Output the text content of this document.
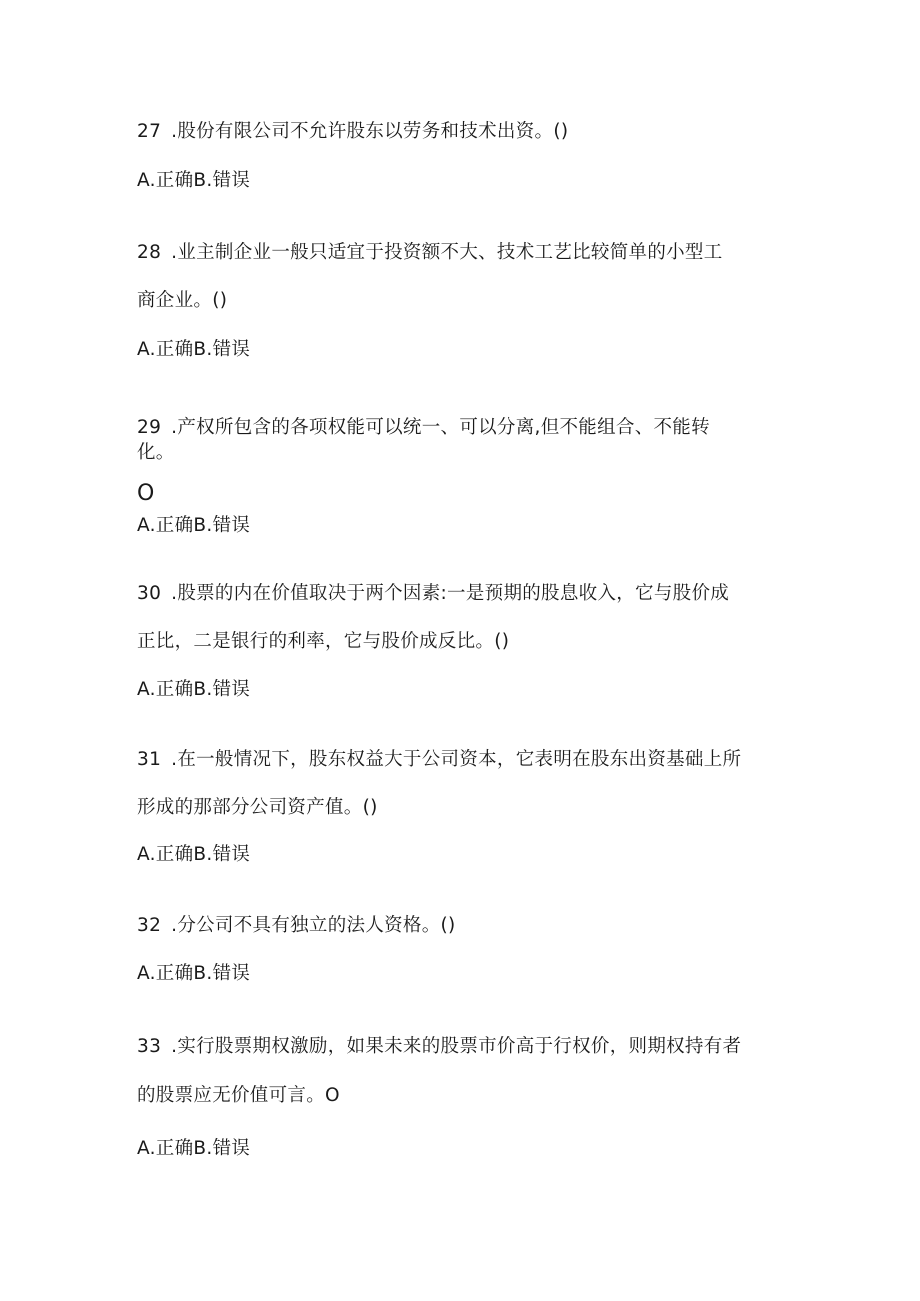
27 .股份有限公司不允许股东以劳务和技术出资。()
A.正确B.错误
28 .业主制企业一般只适宜于投资额不大、技术工艺比较简单的小型工
商企业。()
A.正确B.错误
29 .产权所包含的各项权能可以统一、可以分离,但不能组合、不能转
化。
O
A.正确B.错误
30 .股票的内在价值取决于两个因素:一是预期的股息收入，它与股价成
正比，二是银行的利率，它与股价成反比。()
A.正确B.错误
31 .在一般情况下，股东权益大于公司资本，它表明在股东出资基础上所
形成的那部分公司资产值。()
A.正确B.错误
32 .分公司不具有独立的法人资格。()
A.正确B.错误
33 .实行股票期权激励，如果未来的股票市价高于行权价，则期权持有者
的股票应无价值可言。O
A.正确B.错误
